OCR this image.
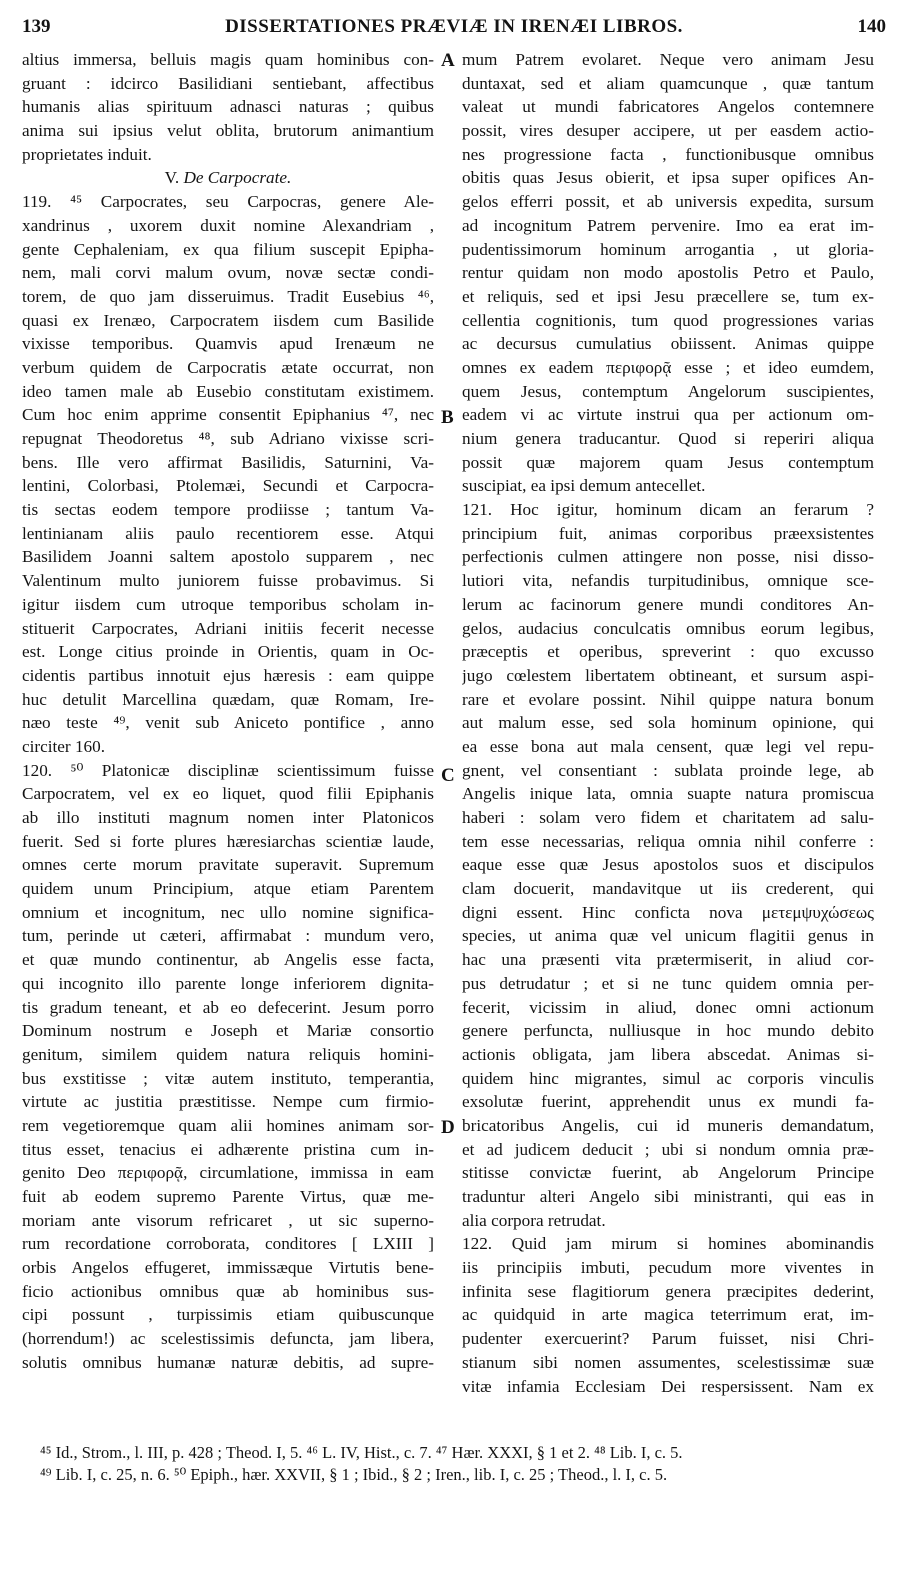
139	DISSERTATIONES PRÆVIÆ IN IRENÆI LIBROS.	140
altius immersa, belluis magis quam hominibus con-
gruant : idcirco Basilidiani sentiebant, affectibus
humanis alias spirituum adnasci naturas ; quibus
anima sui ipsius velut oblita, brutorum animantium
proprietates induit.
V. De Carpocrate.
119. ⁴⁵ Carpocrates, seu Carpocras, genere Ale-
xandrinus , uxorem duxit nomine Alexandriam ,
gente Cephaleniam, ex qua filium suscepit Epipha-
nem, mali corvi malum ovum, novæ sectæ condi-
torem, de quo jam disseruimus. Tradit Eusebius ⁴⁶,
quasi ex Irenæo, Carpocratem iisdem cum Basilide
vixisse temporibus. Quamvis apud Irenæum ne
verbum quidem de Carpocratis ætate occurrat, non
ideo tamen male ab Eusebio constitutam existimem.
Cum hoc enim apprime consentit Epiphanius ⁴⁷, nec
repugnat Theodoretus ⁴⁸, sub Adriano vixisse scri-
bens. Ille vero affirmat Basilidis, Saturnini, Va-
lentini, Colorbasi, Ptolemæi, Secundi et Carpocra-
tis sectas eodem tempore prodiisse ; tantum Va-
lentinianam aliis paulo recentiorem esse. Atqui
Basilidem Joanni saltem apostolo supparem , nec
Valentinum multo juniorem fuisse probavimus. Si
igitur iisdem cum utroque temporibus scholam in-
stituerit Carpocrates, Adriani initiis fecerit necesse
est. Longe citius proinde in Orientis, quam in Oc-
cidentis partibus innotuit ejus hæresis : eam quippe
huc detulit Marcellina quædam, quæ Romam, Ire-
næo teste ⁴⁹, venit sub Aniceto pontifice , anno
circiter 160.
120. ⁵⁰ Platonicæ disciplinæ scientissimum fuisse
Carpocratem, vel ex eo liquet, quod filii Epiphanis
ab illo instituti magnum nomen inter Platonicos
fuerit. Sed si forte plures hæresiarchas scientiæ laude,
omnes certe morum pravitate superavit. Supremum
quidem unum Principium, atque etiam Parentem
omnium et incognitum, nec ullo nomine significa-
tum, perinde ut cæteri, affirmabat : mundum vero,
et quæ mundo continentur, ab Angelis esse facta,
qui incognito illo parente longe inferiorem dignita-
tis gradum teneant, et ab eo defecerint. Jesum porro
Dominum nostrum e Joseph et Mariæ consortio
genitum, similem quidem natura reliquis homini-
bus exstitisse ; vitæ autem instituto, temperantia,
virtute ac justitia præstitisse. Nempe cum firmio-
rem vegetioremque quam alii homines animam sor-
titus esset, tenacius ei adhærente pristina cum in-
genito Deo περιφορᾷ, circumlatione, immissa in eam
fuit ab eodem supremo Parente Virtus, quæ me-
moriam ante visorum refricaret , ut sic superno-
rum recordatione corroborata, conditores [ LXIII ]
orbis Angelos effugeret, immissæque Virtutis bene-
ficio actionibus omnibus quæ ab hominibus sus-
cipi possunt , turpissimis etiam quibuscunque
(horrendum!) ac scelestissimis defuncta, jam libera,
solutis omnibus humanæ naturæ debitis, ad supre-
A
B
C
D
mum Patrem evolaret. Neque vero animam Jesu
duntaxat, sed et aliam quamcunque , quæ tantum
valeat ut mundi fabricatores Angelos contemnere
possit, vires desuper accipere, ut per easdem actio-
nes progressione facta , functionibusque omnibus
obitis quas Jesus obierit, et ipsa super opifices An-
gelos efferri possit, et ab universis expedita, sursum
ad incognitum Patrem pervenire. Imo ea erat im-
pudentissimorum hominum arrogantia , ut gloria-
rentur quidam non modo apostolis Petro et Paulo,
et reliquis, sed et ipsi Jesu præcellere se, tum ex-
cellentia cognitionis, tum quod progressiones varias
ac decursus cumulatius obiissent. Animas quippe
omnes ex eadem περιφορᾷ esse ; et ideo eumdem,
quem Jesus, contemptum Angelorum suscipientes,
eadem vi ac virtute instrui qua per actionum om-
nium genera traducantur. Quod si reperiri aliqua
possit quæ majorem quam Jesus contemptum
suscipiat, ea ipsi demum antecellet.
121. Hoc igitur, hominum dicam an ferarum ?
principium fuit, animas corporibus præexsistentes
perfectionis culmen attingere non posse, nisi disso-
lutiori vita, nefandis turpitudinibus, omnique sce-
lerum ac facinorum genere mundi conditores An-
gelos, audacius conculcatis omnibus eorum legibus,
præceptis et operibus, spreverint : quo excusso
jugo cœlestem libertatem obtineant, et sursum aspi-
rare et evolare possint. Nihil quippe natura bonum
aut malum esse, sed sola hominum opinione, qui
ea esse bona aut mala censent, quæ legi vel repu-
gnent, vel consentiant : sublata proinde lege, ab
Angelis inique lata, omnia suapte natura promiscua
haberi : solam vero fidem et charitatem ad salu-
tem esse necessarias, reliqua omnia nihil conferre :
eaque esse quæ Jesus apostolos suos et discipulos
clam docuerit, mandavitque ut iis crederent, qui
digni essent. Hinc conficta nova μετεμψυχώσεως
species, ut anima quæ vel unicum flagitii genus in
hac una præsenti vita prætermiserit, in aliud cor-
pus detrudatur ; et si ne tunc quidem omnia per-
fecerit, vicissim in aliud, donec omni actionum
genere perfuncta, nulliusque in hoc mundo debito
actionis obligata, jam libera abscedat. Animas si-
quidem hinc migrantes, simul ac corporis vinculis
exsolutæ fuerint, apprehendit unus ex mundi fa-
bricatoribus Angelis, cui id muneris demandatum,
et ad judicem deducit ; ubi si nondum omnia præ-
stitisse convictæ fuerint, ab Angelorum Principe
traduntur alteri Angelo sibi ministranti, qui eas in
alia corpora retrudat.
122. Quid jam mirum si homines abominandis
iis principiis imbuti, pecudum more viventes in
infinita sese flagitiorum genera præcipites dederint,
ac quidquid in arte magica teterrimum erat, im-
pudenter exercuerint? Parum fuisset, nisi Chri-
stianum sibi nomen assumentes, scelestissimæ suæ
vitæ infamia Ecclesiam Dei respersissent. Nam ex
⁴⁵ Id., Strom., l. III, p. 428 ; Theod. I, 5. ⁴⁶ L. IV, Hist., c. 7. ⁴⁷ Hær. XXXI, § 1 et 2. ⁴⁸ Lib. I, c. 5.
⁴⁹ Lib. I, c. 25, n. 6. ⁵⁰ Epiph., hær. XXVII, § 1 ; Ibid., § 2 ; Iren., lib. I, c. 25 ; Theod., l. I, c. 5.
